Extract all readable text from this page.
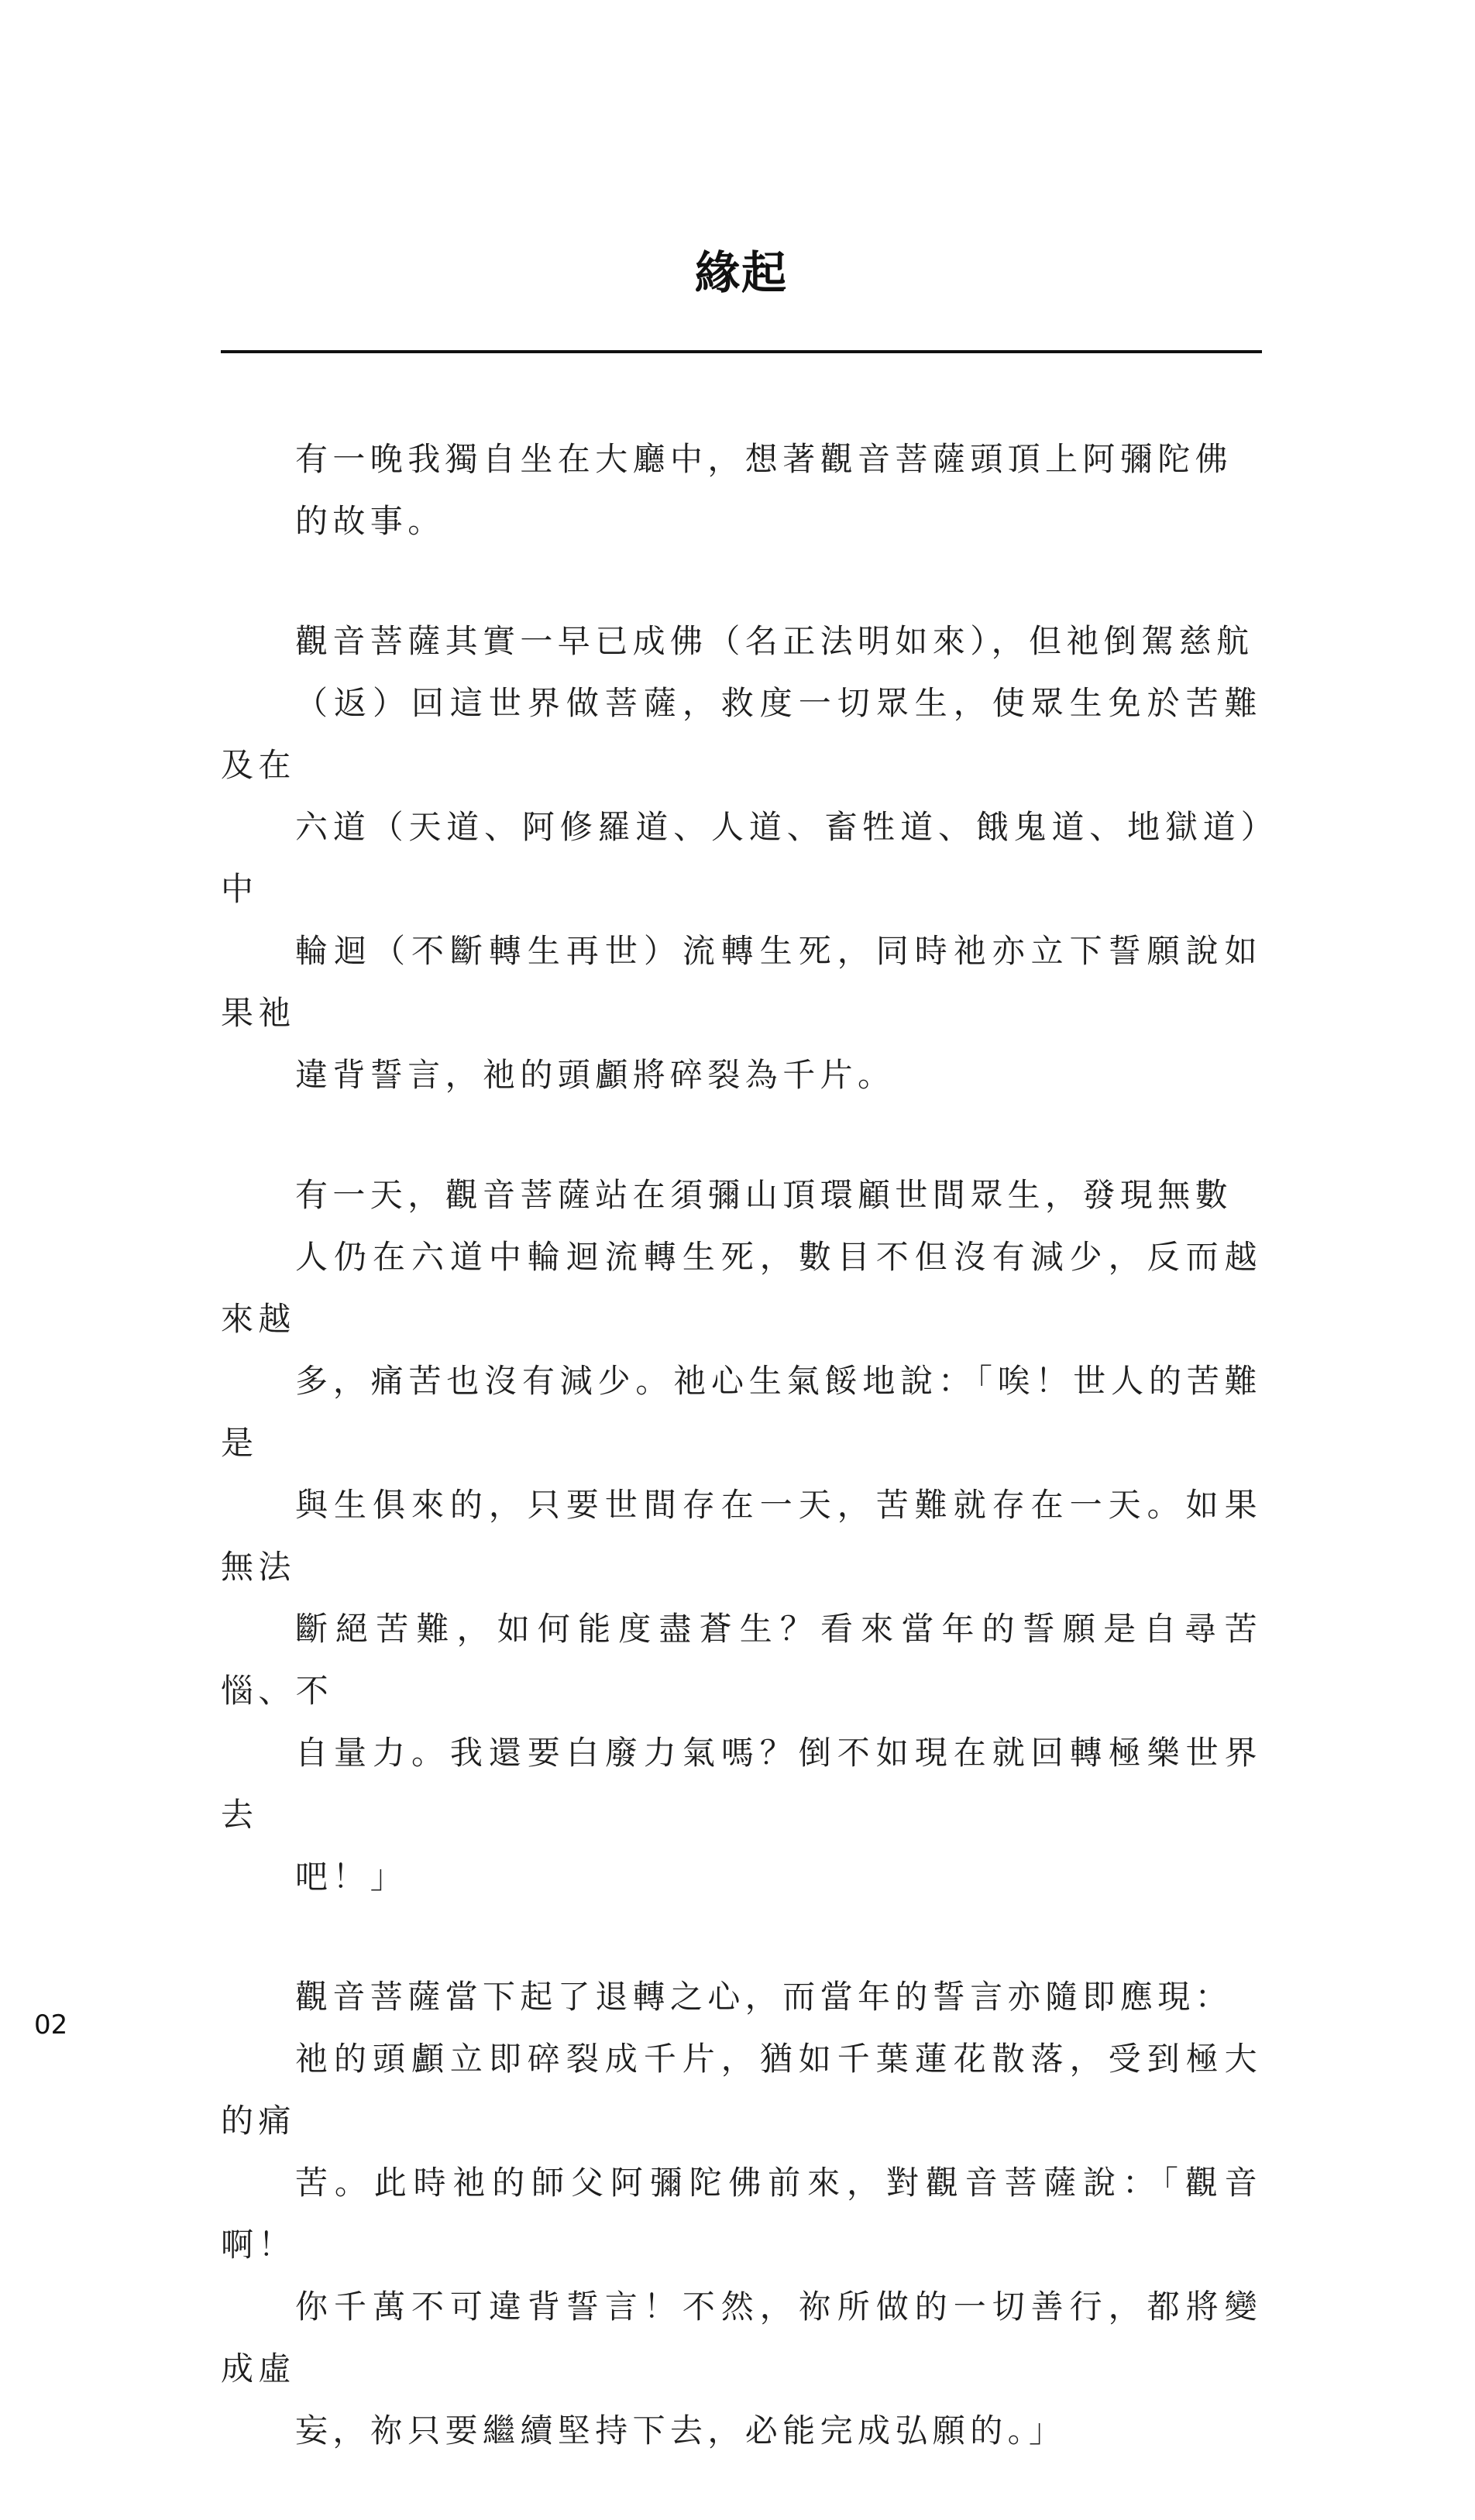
緣起

有一晚我獨自坐在大廳中，想著觀音菩薩頭頂上阿彌陀佛
的故事。

觀音菩薩其實一早已成佛（名正法明如來），但祂倒駕慈航
（返）回這世界做菩薩，救度一切眾生，使眾生免於苦難及在
六道（天道、阿修羅道、人道、畜牲道、餓鬼道、地獄道）中
輪迴（不斷轉生再世）流轉生死，同時祂亦立下誓願說如果祂
違背誓言，祂的頭顱將碎裂為千片。

有一天，觀音菩薩站在須彌山頂環顧世間眾生，發現無數
人仍在六道中輪迴流轉生死，數目不但沒有減少，反而越來越
多，痛苦也沒有減少。祂心生氣餒地說：「唉！世人的苦難是
與生俱來的，只要世間存在一天，苦難就存在一天。如果無法
斷絕苦難，如何能度盡蒼生？看來當年的誓願是自尋苦惱、不
自量力。我還要白廢力氣嗎？倒不如現在就回轉極樂世界去
吧！」

觀音菩薩當下起了退轉之心，而當年的誓言亦隨即應現：
祂的頭顱立即碎裂成千片，猶如千葉蓮花散落，受到極大的痛
苦。此時祂的師父阿彌陀佛前來，對觀音菩薩說：「觀音啊！
你千萬不可違背誓言！不然，祢所做的一切善行，都將變成虛
妄，祢只要繼續堅持下去，必能完成弘願的。」

02
